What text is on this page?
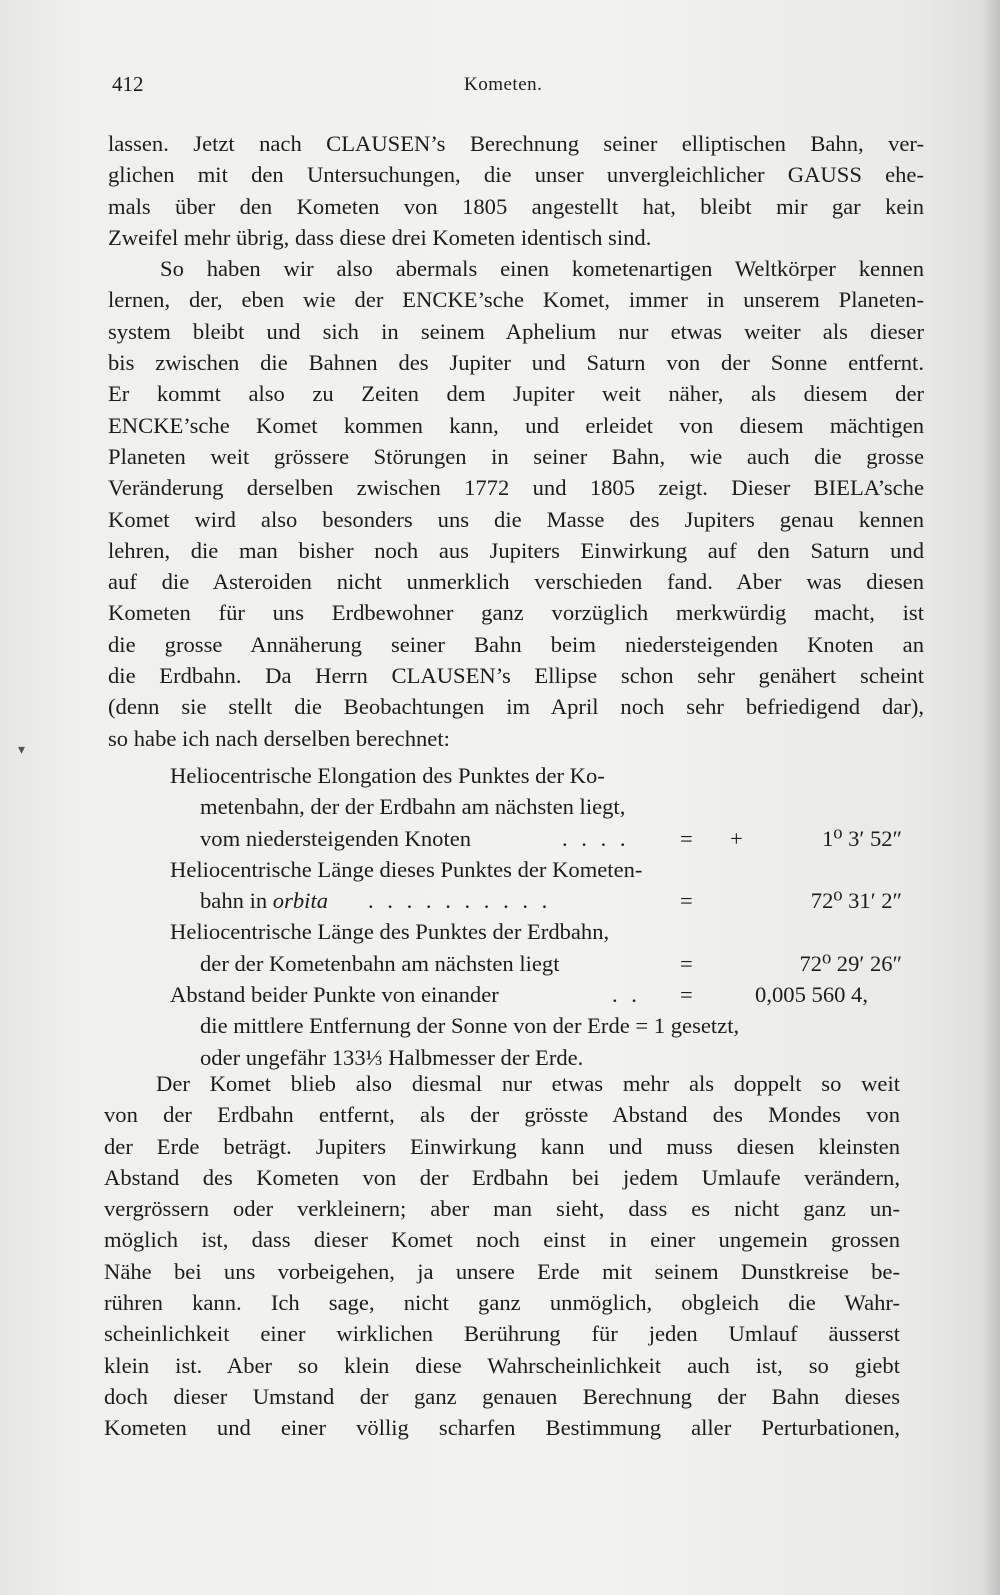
412	Kometen.
▾
lassen. Jetzt nach CLAUSEN’s Berechnung seiner elliptischen Bahn, ver-
glichen mit den Untersuchungen, die unser unvergleichlicher GAUSS ehe-
mals über den Kometen von 1805 angestellt hat, bleibt mir gar kein
Zweifel mehr übrig, dass diese drei Kometen identisch sind.
So haben wir also abermals einen kometenartigen Weltkörper kennen
lernen, der, eben wie der ENCKE’sche Komet, immer in unserem Planeten-
system bleibt und sich in seinem Aphelium nur etwas weiter als dieser
bis zwischen die Bahnen des Jupiter und Saturn von der Sonne entfernt.
Er kommt also zu Zeiten dem Jupiter weit näher, als diesem der
ENCKE’sche Komet kommen kann, und erleidet von diesem mächtigen
Planeten weit grössere Störungen in seiner Bahn, wie auch die grosse
Veränderung derselben zwischen 1772 und 1805 zeigt. Dieser BIELA’sche
Komet wird also besonders uns die Masse des Jupiters genau kennen
lehren, die man bisher noch aus Jupiters Einwirkung auf den Saturn und
auf die Asteroiden nicht unmerklich verschieden fand. Aber was diesen
Kometen für uns Erdbewohner ganz vorzüglich merkwürdig macht, ist
die grosse Annäherung seiner Bahn beim niedersteigenden Knoten an
die Erdbahn. Da Herrn CLAUSEN’s Ellipse schon sehr genähert scheint
(denn sie stellt die Beobachtungen im April noch sehr befriedigend dar),
so habe ich nach derselben berechnet:
Heliocentrische Elongation des Punktes der Ko-
metenbahn, der der Erdbahn am nächsten liegt,
vom niedersteigenden Knoten	. . . . = +	1⁰ 3′ 52″
Heliocentrische Länge dieses Punktes der Kometen-
bahn in orbita . . . . . . . . . .	=	72⁰ 31′ 2″
Heliocentrische Länge des Punktes der Erdbahn,
der der Kometenbahn am nächsten liegt	=	72⁰ 29′ 26″
Abstand beider Punkte von einander	. . =	0,005 560 4,
die mittlere Entfernung der Sonne von der Erde = 1 gesetzt,
oder ungefähr 133⅓ Halbmesser der Erde.
Der Komet blieb also diesmal nur etwas mehr als doppelt so weit
von der Erdbahn entfernt, als der grösste Abstand des Mondes von
der Erde beträgt. Jupiters Einwirkung kann und muss diesen kleinsten
Abstand des Kometen von der Erdbahn bei jedem Umlaufe verändern,
vergrössern oder verkleinern; aber man sieht, dass es nicht ganz un-
möglich ist, dass dieser Komet noch einst in einer ungemein grossen
Nähe bei uns vorbeigehen, ja unsere Erde mit seinem Dunstkreise be-
rühren kann. Ich sage, nicht ganz unmöglich, obgleich die Wahr-
scheinlichkeit einer wirklichen Berührung für jeden Umlauf äusserst
klein ist. Aber so klein diese Wahrscheinlichkeit auch ist, so giebt
doch dieser Umstand der ganz genauen Berechnung der Bahn dieses
Kometen und einer völlig scharfen Bestimmung aller Perturbationen,
